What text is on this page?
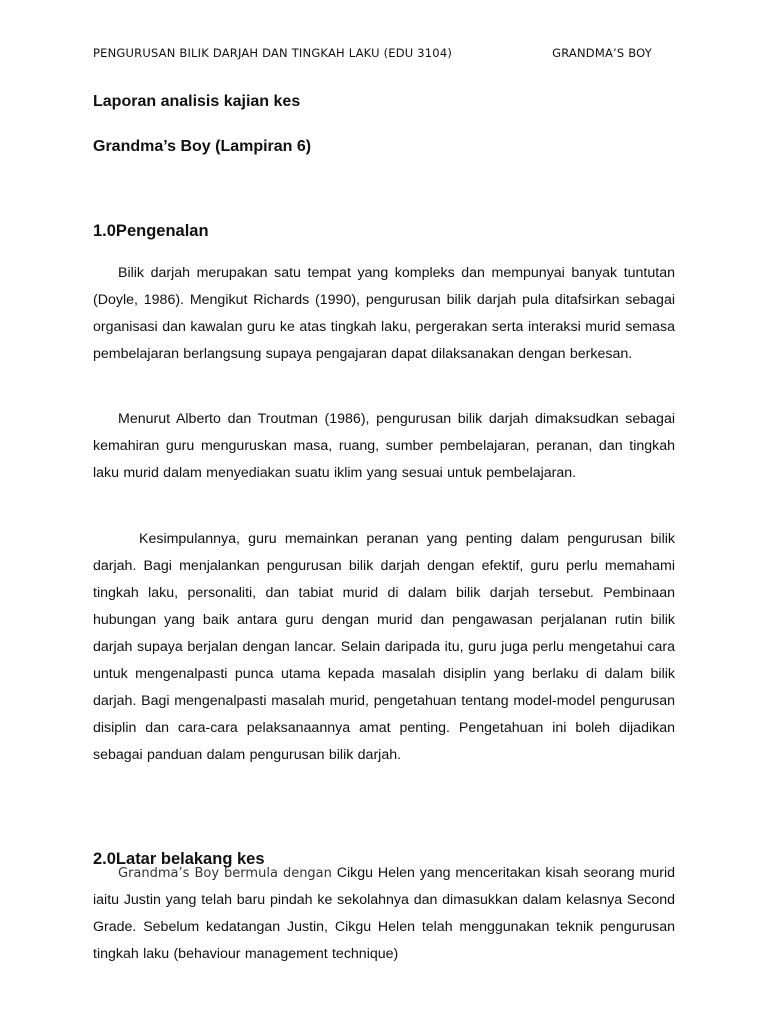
PENGURUSAN BILIK DARJAH DAN TINGKAH LAKU (EDU 3104)	GRANDMA’S BOY
Laporan analisis kajian kes
Grandma’s Boy (Lampiran 6)
1.0Pengenalan

Bilik darjah merupakan satu tempat yang kompleks dan mempunyai banyak tuntutan (Doyle, 1986). Mengikut Richards (1990), pengurusan bilik darjah pula ditafsirkan sebagai organisasi dan kawalan guru ke atas tingkah laku, pergerakan serta interaksi murid semasa pembelajaran berlangsung supaya pengajaran dapat dilaksanakan dengan berkesan.

Menurut Alberto dan Troutman (1986), pengurusan bilik darjah dimaksudkan sebagai kemahiran guru menguruskan masa, ruang, sumber pembelajaran, peranan, dan tingkah laku murid dalam menyediakan suatu iklim yang sesuai untuk pembelajaran.

Kesimpulannya, guru memainkan peranan yang penting dalam pengurusan bilik darjah. Bagi menjalankan pengurusan bilik darjah dengan efektif, guru perlu memahami tingkah laku, personaliti, dan tabiat murid di dalam bilik darjah tersebut. Pembinaan hubungan yang baik antara guru dengan murid dan pengawasan perjalanan rutin bilik darjah supaya berjalan dengan lancar. Selain daripada itu, guru juga perlu mengetahui cara untuk mengenalpasti punca utama kepada masalah disiplin yang berlaku di dalam bilik darjah. Bagi mengenalpasti masalah murid, pengetahuan tentang model-model pengurusan disiplin dan cara-cara pelaksanaannya amat penting. Pengetahuan ini boleh dijadikan sebagai panduan dalam pengurusan bilik darjah.

2.0Latar belakang kes

Grandma’s Boy bermula dengan Cikgu Helen yang menceritakan kisah seorang murid iaitu Justin yang telah baru pindah ke sekolahnya dan dimasukkan dalam kelasnya Second Grade. Sebelum kedatangan Justin, Cikgu Helen telah menggunakan teknik pengurusan tingkah laku (behaviour management technique)
